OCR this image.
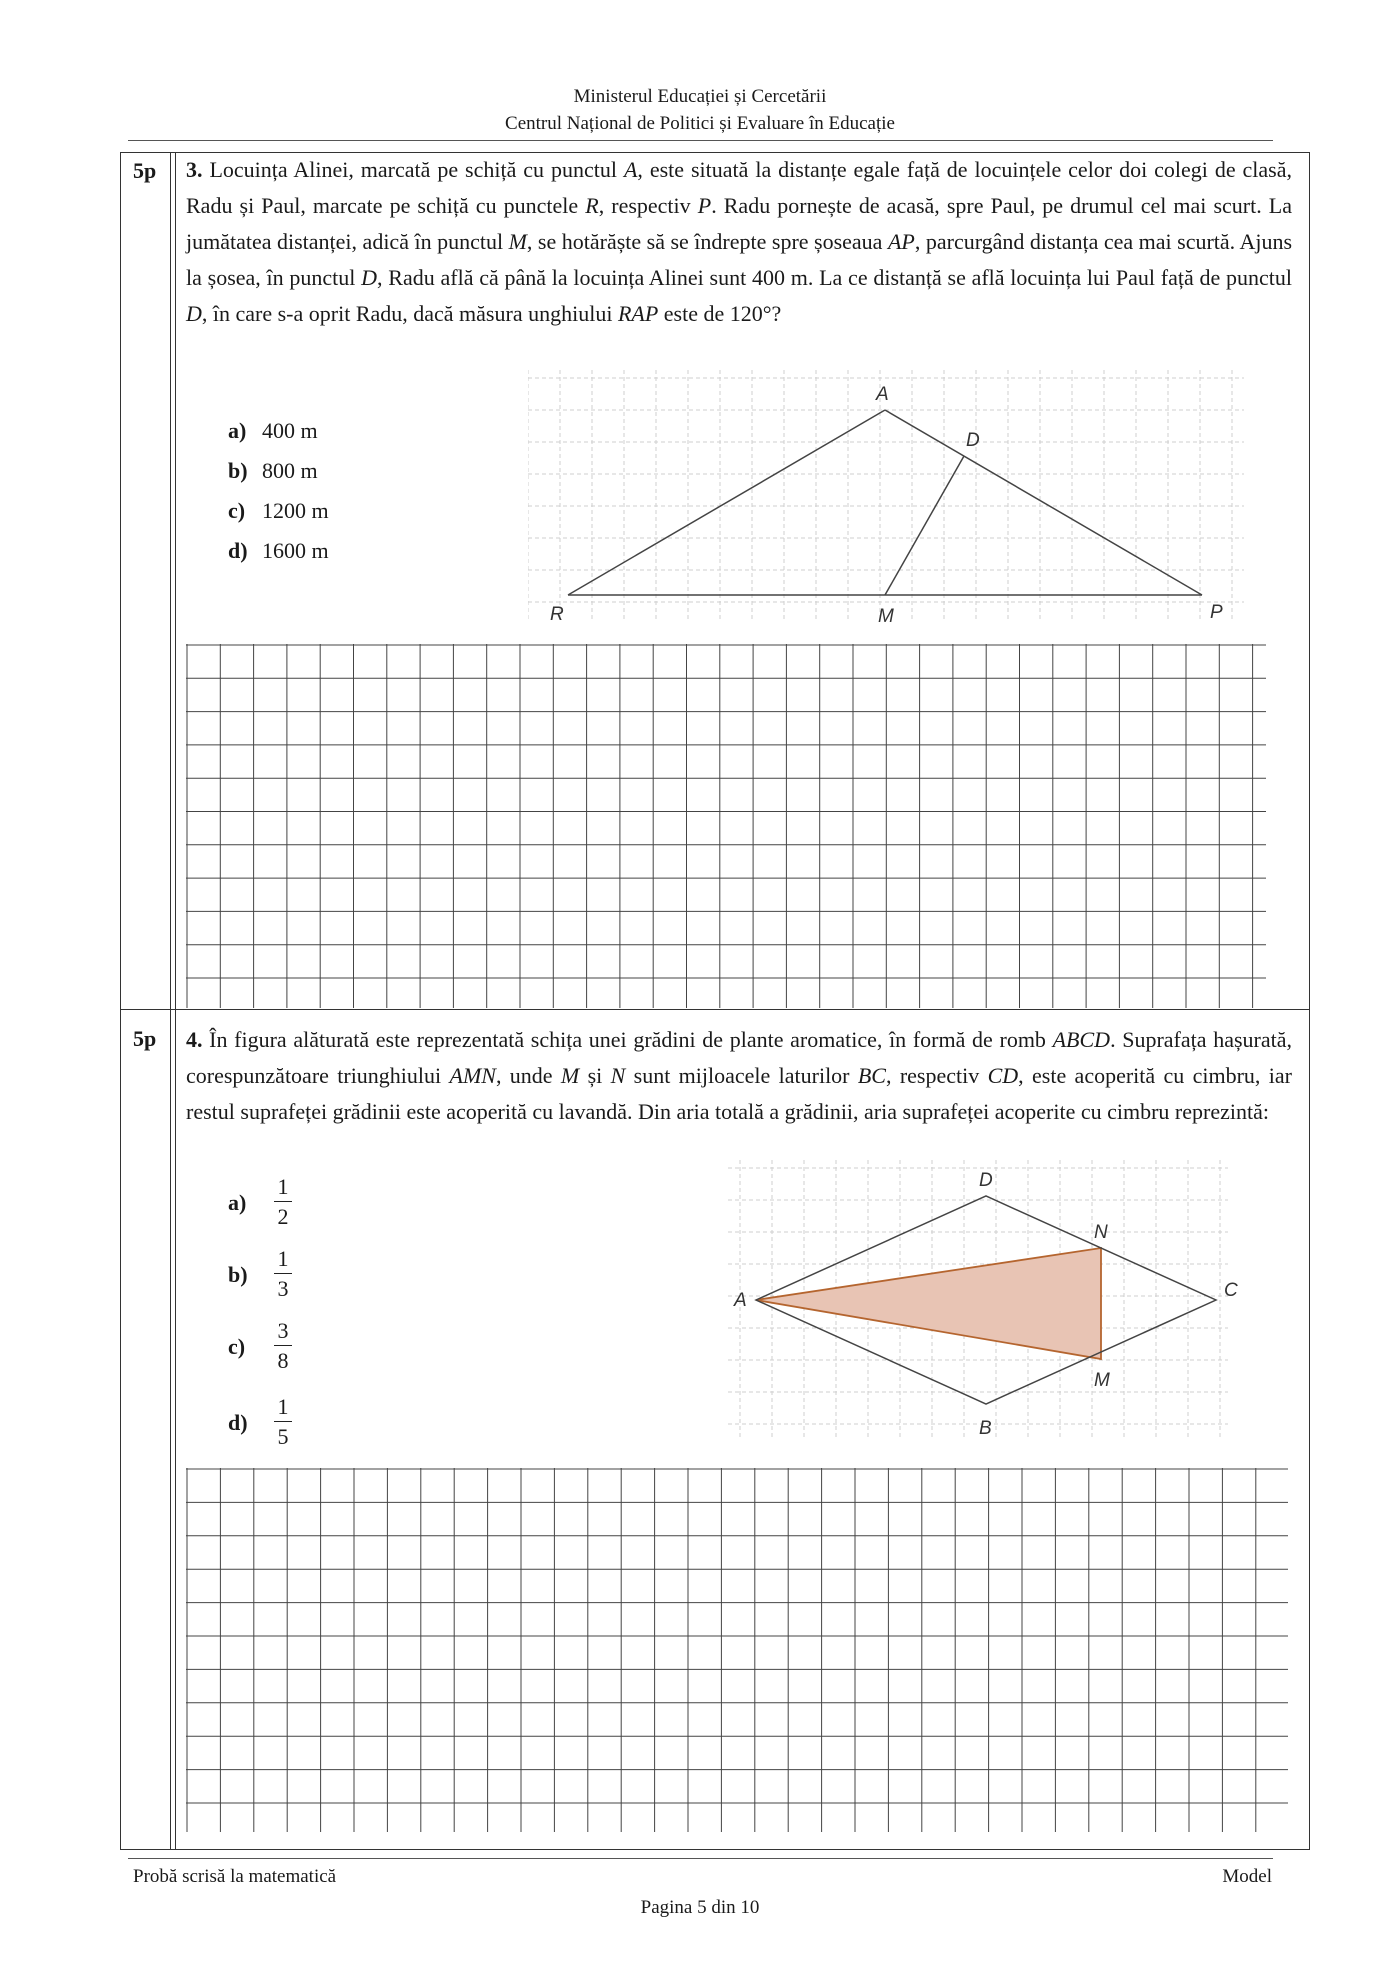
Ministerul Educației și Cercetării
Centrul Național de Politici și Evaluare în Educație
5p 3. Locuința Alinei, marcată pe schiță cu punctul A, este situată la distanțe egale față de locuințele celor doi colegi de clasă, Radu și Paul, marcate pe schiță cu punctele R, respectiv P. Radu pornește de acasă, spre Paul, pe drumul cel mai scurt. La jumătatea distanței, adică în punctul M, se hotărăște să se îndrepte spre șoseaua AP, parcurgând distanța cea mai scurtă. Ajuns la șosea, în punctul D, Radu află că până la locuința Alinei sunt 400 m. La ce distanță se află locuința lui Paul față de punctul D, în care s-a oprit Radu, dacă măsura unghiului RAP este de 120°?
a) 400 m
b) 800 m
c) 1200 m
d) 1600 m
A
D
R	M	P
5p 4. În figura alăturată este reprezentată schița unei grădini de plante aromatice, în formă de romb ABCD. Suprafața hașurată, corespunzătoare triunghiului AMN, unde M și N sunt mijloacele laturilor BC, respectiv CD, este acoperită cu cimbru, iar restul suprafeței grădinii este acoperită cu lavandă. Din aria totală a grădinii, aria suprafeței acoperite cu cimbru reprezintă:
a)
1
2
b)
1
3
c)
3
8
d)
1
5
D
N
A	C
M
B
Probă scrisă la matematică	Model
Pagina 5 din 10
